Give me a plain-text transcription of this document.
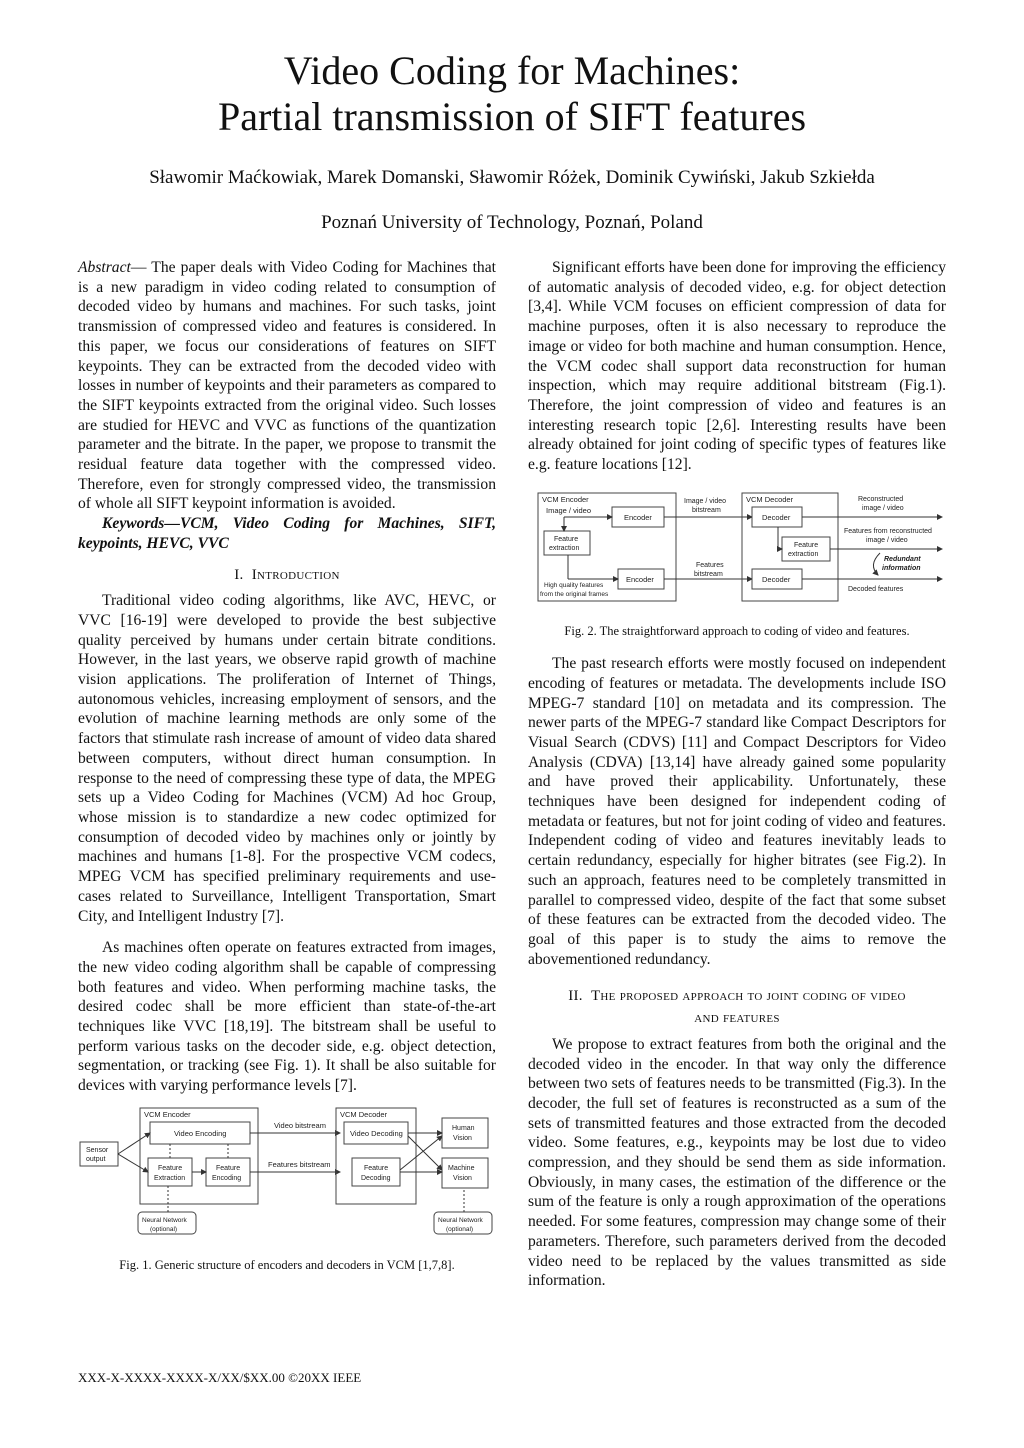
Video Coding for Machines:
Partial transmission of SIFT features
Sławomir Maćkowiak, Marek Domanski, Sławomir Różek, Dominik Cywiński, Jakub Szkiełda
Poznań University of Technology, Poznań, Poland

Abstract— The paper deals with Video Coding for Machines that is a new paradigm in video coding related to consumption of decoded video by humans and machines. For such tasks, joint transmission of compressed video and features is considered. In this paper, we focus our considerations of features on SIFT keypoints. They can be extracted from the decoded video with losses in number of keypoints and their parameters as compared to the SIFT keypoints extracted from the original video. Such losses are studied for HEVC and VVC as functions of the quantization parameter and the bitrate. In the paper, we propose to transmit the residual feature data together with the compressed video. Therefore, even for strongly compressed video, the transmission of whole all SIFT keypoint information is avoided.

Keywords—VCM, Video Coding for Machines, SIFT, keypoints, HEVC, VVC

I. Introduction

Traditional video coding algorithms, like AVC, HEVC, or VVC [16-19] were developed to provide the best subjective quality perceived by humans under certain bitrate conditions. However, in the last years, we observe rapid growth of machine vision applications. The proliferation of Internet of Things, autonomous vehicles, increasing employment of sensors, and the evolution of machine learning methods are only some of the factors that stimulate rash increase of amount of video data shared between computers, without direct human consumption. In response to the need of compressing these type of data, the MPEG sets up a Video Coding for Machines (VCM) Ad hoc Group, whose mission is to standardize a new codec optimized for consumption of decoded video by machines only or jointly by machines and humans [1-8]. For the prospective VCM codecs, MPEG VCM has specified preliminary requirements and use-cases related to Surveillance, Intelligent Transportation, Smart City, and Intelligent Industry [7].

As machines often operate on features extracted from images, the new video coding algorithm shall be capable of compressing both features and video. When performing machine tasks, the desired codec shall be more efficient than state-of-the-art techniques like VVC [18,19]. The bitstream shall be useful to perform various tasks on the decoder side, e.g. object detection, segmentation, or tracking (see Fig. 1). It shall be also suitable for devices with varying performance levels [7].

VCM Encoder
Sensor
output
Video Encoding
Feature
Extraction
Feature
Encoding
Neural Network
(optional)
Video bitstream
Features bitstream
VCM Decoder
Video Decoding
Feature
Decoding
Human
Vision
Machine
Vision
Neural Network
(optional)
Fig. 1. Generic structure of encoders and decoders in VCM [1,7,8].

Significant efforts have been done for improving the efficiency of automatic analysis of decoded video, e.g. for object detection [3,4]. While VCM focuses on efficient compression of data for machine purposes, often it is also necessary to reproduce the image or video for both machine and human consumption. Hence, the VCM codec shall support data reconstruction for human inspection, which may require additional bitstream (Fig.1). Therefore, the joint compression of video and features is an interesting research topic [2,6]. Interesting results have been already obtained for joint coding of specific types of features like e.g. feature locations [12].

VCM Encoder
Image / video
Encoder
Feature
extraction
Encoder
High quality features
from the original frames
Image / video
bitstream
Features
bitstream
VCM Decoder
Decoder
Feature
extraction
Decoder
Reconstructed
image / video
Features from reconstructed
image / video
Redundant
information
Decoded features
Fig. 2. The straightforward approach to coding of video and features.

The past research efforts were mostly focused on independent encoding of features or metadata. The developments include ISO MPEG-7 standard [10] on metadata and its compression. The newer parts of the MPEG-7 standard like Compact Descriptors for Visual Search (CDVS) [11] and Compact Descriptors for Video Analysis (CDVA) [13,14] have already gained some popularity and have proved their applicability. Unfortunately, these techniques have been designed for independent coding of metadata or features, but not for joint coding of video and features. Independent coding of video and features inevitably leads to certain redundancy, especially for higher bitrates (see Fig.2). In such an approach, features need to be completely transmitted in parallel to compressed video, despite of the fact that some subset of these features can be extracted from the decoded video. The goal of this paper is to study the aims to remove the abovementioned redundancy.

II. The proposed approach to joint coding of video
and features

We propose to extract features from both the original and the decoded video in the encoder. In that way only the difference between two sets of features needs to be transmitted (Fig.3). In the decoder, the full set of features is reconstructed as a sum of the sets of transmitted features and those extracted from the decoded video. Some features, e.g., keypoints may be lost due to video compression, and they should be send them as side information. Obviously, in many cases, the estimation of the difference or the sum of the feature is only a rough approximation of the operations needed. For some features, compression may change some of their parameters. Therefore, such parameters derived from the decoded video need to be replaced by the values transmitted as side information.

XXX-X-XXXX-XXXX-X/XX/$XX.00 ©20XX IEEE
